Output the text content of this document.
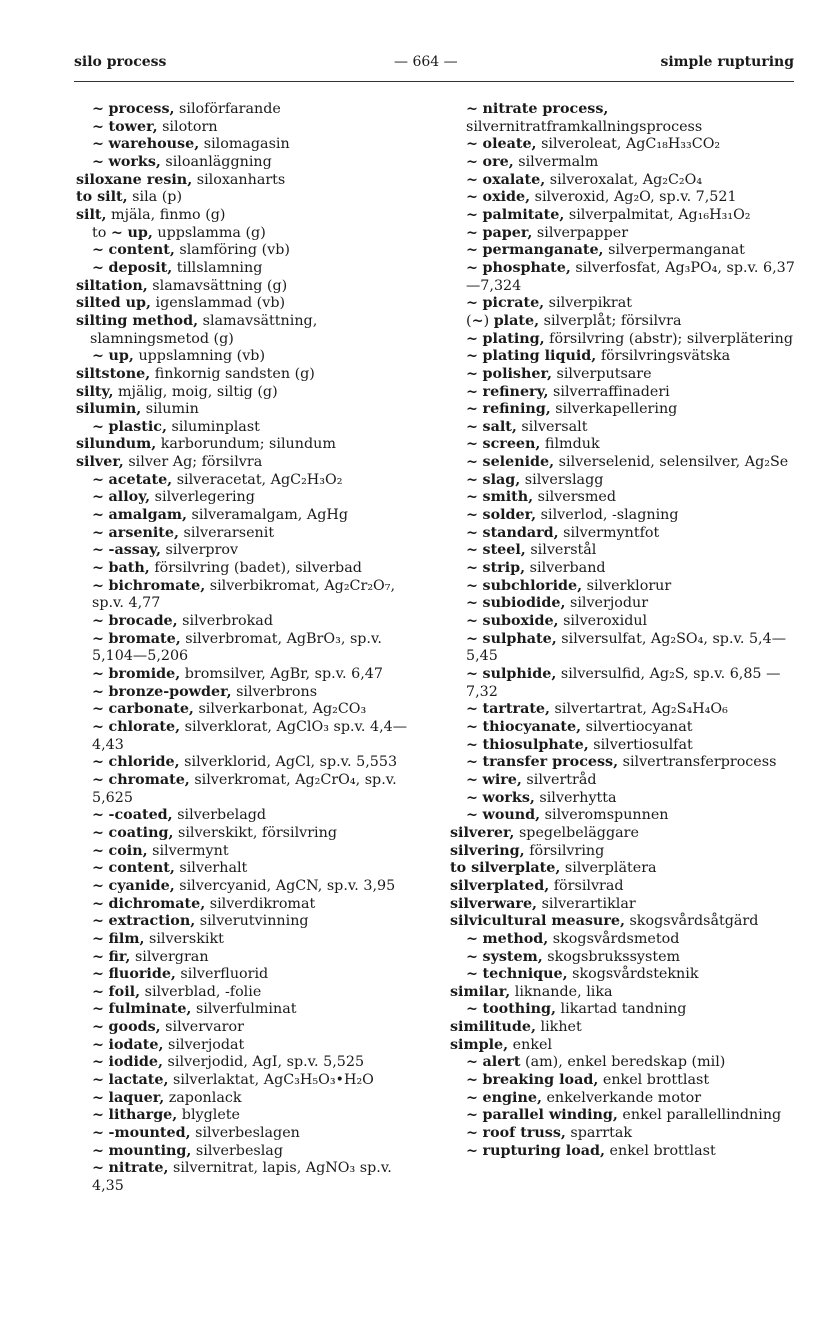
silo process	— 664 —	simple rupturing

~ process, siloförfarande

~ tower, silotorn

~ warehouse, silomagasin

~ works, siloanläggning

siloxane resin, siloxanharts

to silt, sila (p)

silt, mjäla, finmo (g)

to ~ up, uppslamma (g)

~ content, slamföring (vb)

~ deposit, tillslamning

siltation, slamavsättning (g)

silted up, igenslammad (vb)

silting method, slamavsättning, slamningsmetod (g)

~ up, uppslamning (vb)

siltstone, finkornig sandsten (g)

silty, mjälig, moig, siltig (g)

silumin, silumin

~ plastic, siluminplast

silundum, karborundum; silundum

silver, silver Ag; försilvra

~ acetate, silveracetat, AgC₂H₃O₂

~ alloy, silverlegering

~ amalgam, silveramalgam, AgHg

~ arsenite, silverarsenit

~ -assay, silverprov

~ bath, försilvring (badet), silverbad

~ bichromate, silverbikromat, Ag₂Cr₂O₇, sp.v. 4,77

~ brocade, silverbrokad

~ bromate, silverbromat, AgBrO₃, sp.v. 5,104—5,206

~ bromide, bromsilver, AgBr, sp.v. 6,47

~ bronze-powder, silverbrons

~ carbonate, silverkarbonat, Ag₂CO₃

~ chlorate, silverklorat, AgClO₃ sp.v. 4,4—4,43

~ chloride, silverklorid, AgCl, sp.v. 5,553

~ chromate, silverkromat, Ag₂CrO₄, sp.v. 5,625

~ -coated, silverbelagd

~ coating, silverskikt, försilvring

~ coin, silvermynt

~ content, silverhalt

~ cyanide, silvercyanid, AgCN, sp.v. 3,95

~ dichromate, silverdikromat

~ extraction, silverutvinning

~ film, silverskikt

~ fir, silvergran

~ fluoride, silverfluorid

~ foil, silverblad, -folie

~ fulminate, silverfulminat

~ goods, silvervaror

~ iodate, silverjodat

~ iodide, silverjodid, AgI, sp.v. 5,525

~ lactate, silverlaktat, AgC₃H₅O₃•H₂O

~ laquer, zaponlack

~ litharge, blyglete

~ -mounted, silverbeslagen

~ mounting, silverbeslag

~ nitrate, silvernitrat, lapis, AgNO₃ sp.v. 4,35

~ nitrate process, silvernitratframkallningsprocess

~ oleate, silveroleat, AgC₁₈H₃₃CO₂

~ ore, silvermalm

~ oxalate, silveroxalat, Ag₂C₂O₄

~ oxide, silveroxid, Ag₂O, sp.v. 7,521

~ palmitate, silverpalmitat, Ag₁₆H₃₁O₂

~ paper, silverpapper

~ permanganate, silverpermanganat

~ phosphate, silverfosfat, Ag₃PO₄, sp.v. 6,37—7,324

~ picrate, silverpikrat

(~) plate, silverplåt; försilvra

~ plating, försilvring (abstr); silverplätering

~ plating liquid, försilvringsvätska

~ polisher, silverputsare

~ refinery, silverraffinaderi

~ refining, silverkapellering

~ salt, silversalt

~ screen, filmduk

~ selenide, silverselenid, selensilver, Ag₂Se

~ slag, silverslagg

~ smith, silversmed

~ solder, silverlod, -slagning

~ standard, silvermyntfot

~ steel, silverstål

~ strip, silverband

~ subchloride, silverklorur

~ subiodide, silverjodur

~ suboxide, silveroxidul

~ sulphate, silversulfat, Ag₂SO₄, sp.v. 5,4—5,45

~ sulphide, silversulfid, Ag₂S, sp.v. 6,85 —7,32

~ tartrate, silvertartrat, Ag₂S₄H₄O₆

~ thiocyanate, silvertiocyanat

~ thiosulphate, silvertiosulfat

~ transfer process, silvertransferprocess

~ wire, silvertråd

~ works, silverhytta

~ wound, silveromspunnen

silverer, spegelbeläggare

silvering, försilvring

to silverplate, silverplätera

silverplated, försilvrad

silverware, silverartiklar

silvicultural measure, skogsvårdsåtgärd

~ method, skogsvårdsmetod

~ system, skogsbrukssystem

~ technique, skogsvårdsteknik

similar, liknande, lika

~ toothing, likartad tandning

similitude, likhet

simple, enkel

~ alert (am), enkel beredskap (mil)

~ breaking load, enkel brottlast

~ engine, enkelverkande motor

~ parallel winding, enkel parallellindning

~ roof truss, sparrtak

~ rupturing load, enkel brottlast
